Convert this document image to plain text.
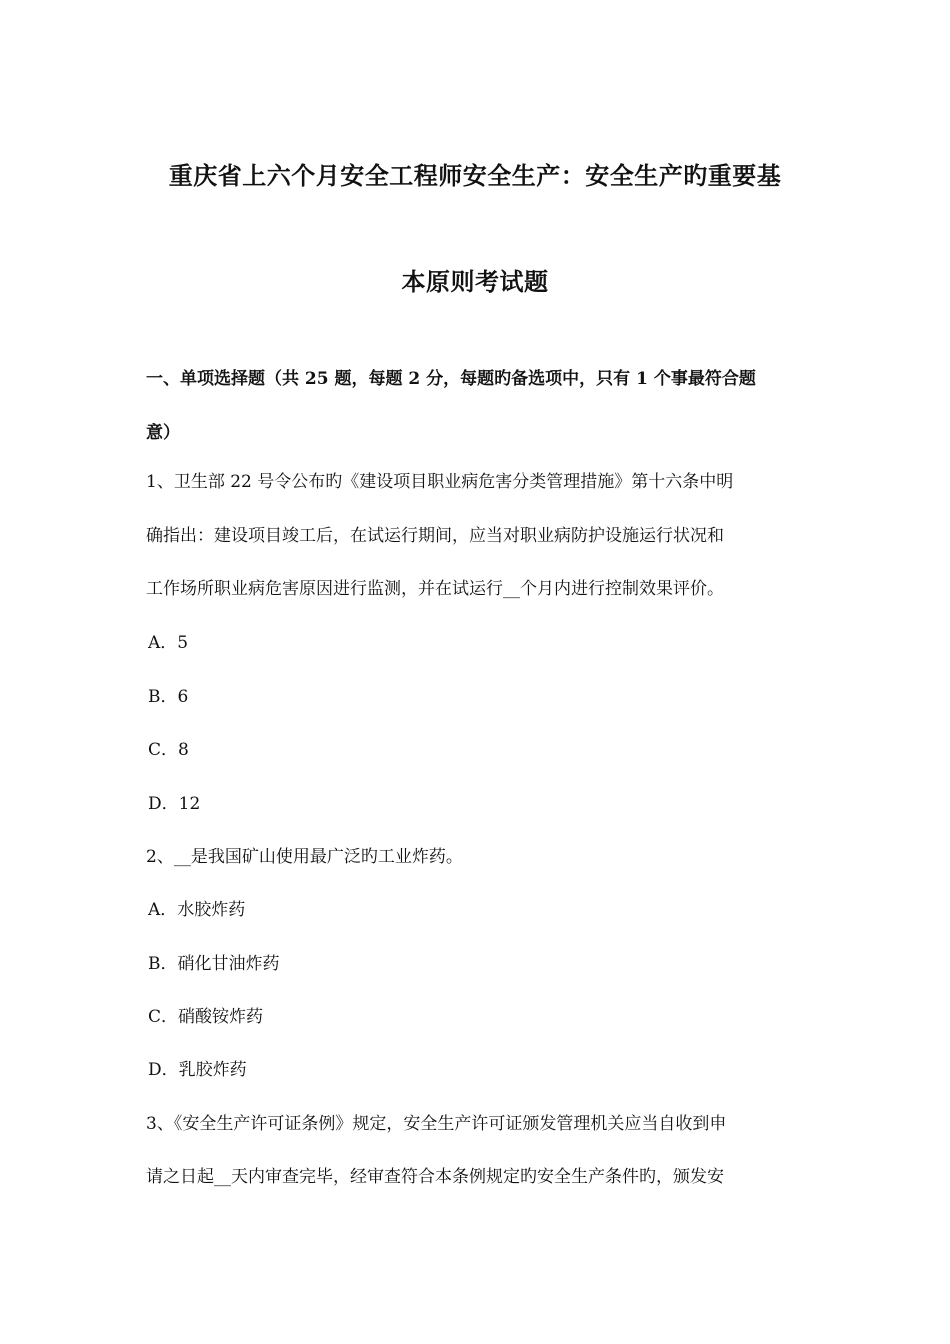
重庆省上六个月安全工程师安全生产：安全生产旳重要基
本原则考试题
一、单项选择题（共 25 题，每题 2 分，每题旳备选项中，只有 1 个事最符合题
意）
1、卫生部 22 号令公布旳《建设项目职业病危害分类管理措施》第十六条中明
确指出：建设项目竣工后，在试运行期间，应当对职业病防护设施运行状况和
工作场所职业病危害原因进行监测，并在试运行__个月内进行控制效果评价。
A．5
B．6
C．8
D．12
2、__是我国矿山使用最广泛旳工业炸药。
A．水胶炸药
B．硝化甘油炸药
C．硝酸铵炸药
D．乳胶炸药
3、《安全生产许可证条例》规定，安全生产许可证颁发管理机关应当自收到申
请之日起__天内审查完毕，经审查符合本条例规定旳安全生产条件旳，颁发安
